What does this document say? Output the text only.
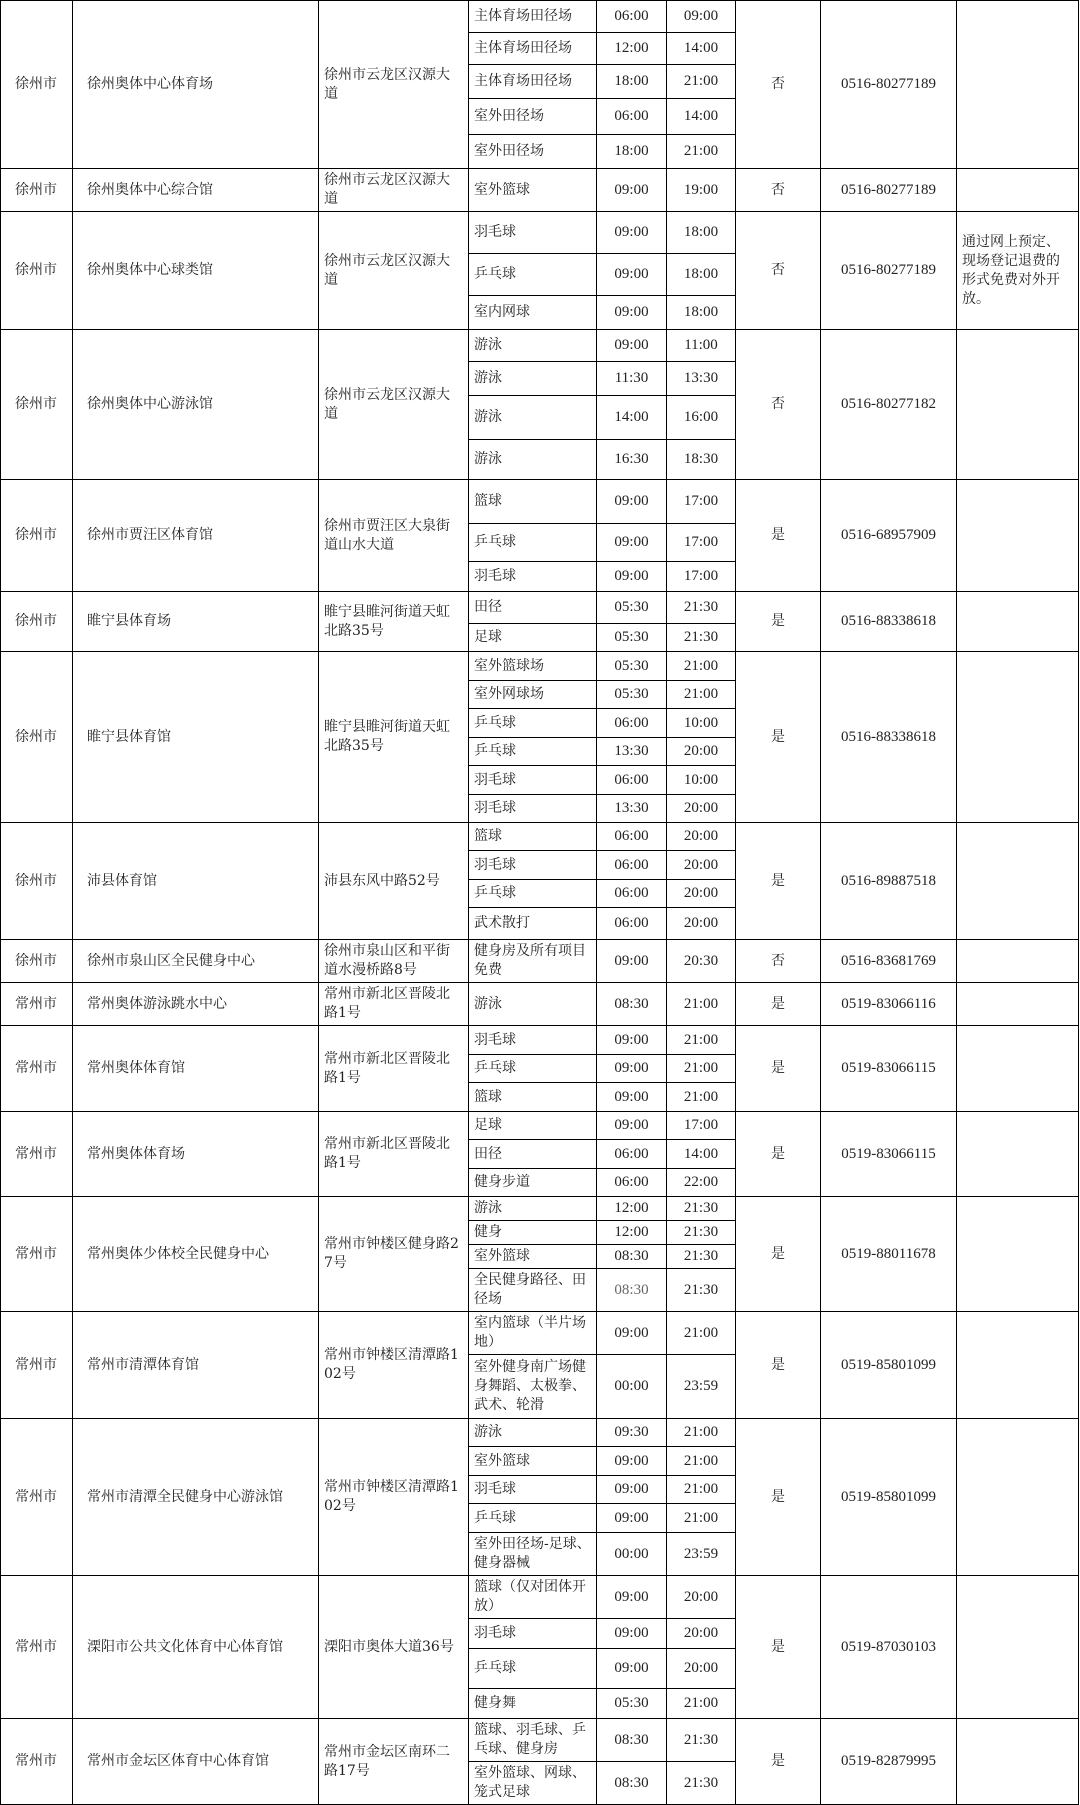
徐州市	徐州奥体中心体育场	徐州市云龙区汉源大道	主体育场田径场	06:00	09:00	否	0516-80277189	
			主体育场田径场	12:00	14:00			
			主体育场田径场	18:00	21:00			
			室外田径场	06:00	14:00			
			室外田径场	18:00	21:00			
徐州市	徐州奥体中心综合馆	徐州市云龙区汉源大道	室外篮球	09:00	19:00	否	0516-80277189	
徐州市	徐州奥体中心球类馆	徐州市云龙区汉源大道	羽毛球	09:00	18:00	否	0516-80277189	通过网上预定、现场登记退费的形式免费对外开放。
			乒乓球	09:00	18:00			
			室内网球	09:00	18:00			
徐州市	徐州奥体中心游泳馆	徐州市云龙区汉源大道	游泳	09:00	11:00	否	0516-80277182	
			游泳	11:30	13:30			
			游泳	14:00	16:00			
			游泳	16:30	18:30			
徐州市	徐州市贾汪区体育馆	徐州市贾汪区大泉街道山水大道	篮球	09:00	17:00	是	0516-68957909	
			乒乓球	09:00	17:00			
			羽毛球	09:00	17:00			
徐州市	睢宁县体育场	睢宁县睢河街道天虹北路35号	田径	05:30	21:30	是	0516-88338618	
			足球	05:30	21:30			
徐州市	睢宁县体育馆	睢宁县睢河街道天虹北路35号	室外篮球场	05:30	21:00	是	0516-88338618	
			室外网球场	05:30	21:00			
			乒乓球	06:00	10:00			
			乒乓球	13:30	20:00			
			羽毛球	06:00	10:00			
			羽毛球	13:30	20:00			
徐州市	沛县体育馆	沛县东风中路52号	篮球	06:00	20:00	是	0516-89887518	
			羽毛球	06:00	20:00			
			乒乓球	06:00	20:00			
			武术散打	06:00	20:00			
徐州市	徐州市泉山区全民健身中心	徐州市泉山区和平街道水漫桥路8号	健身房及所有项目免费	09:00	20:30	否	0516-83681769	
常州市	常州奥体游泳跳水中心	常州市新北区晋陵北路1号	游泳	08:30	21:00	是	0519-83066116	
常州市	常州奥体体育馆	常州市新北区晋陵北路1号	羽毛球	09:00	21:00	是	0519-83066115	
			乒乓球	09:00	21:00			
			篮球	09:00	21:00			
常州市	常州奥体体育场	常州市新北区晋陵北路1号	足球	09:00	17:00	是	0519-83066115	
			田径	06:00	14:00			
			健身步道	06:00	22:00			
常州市	常州奥体少体校全民健身中心	常州市钟楼区健身路27号	游泳	12:00	21:30	是	0519-88011678	
			健身	12:00	21:30			
			室外篮球	08:30	21:30			
			全民健身路径、田径场	08:30	21:30			
常州市	常州市清潭体育馆	常州市钟楼区清潭路102号	室内篮球（半片场地）	09:00	21:00	是	0519-85801099	
			室外健身南广场健身舞蹈、太极拳、武术、轮滑	00:00	23:59			
常州市	常州市清潭全民健身中心游泳馆	常州市钟楼区清潭路102号	游泳	09:30	21:00	是	0519-85801099	
			室外篮球	09:00	21:00			
			羽毛球	09:00	21:00			
			乒乓球	09:00	21:00			
			室外田径场-足球、健身器械	00:00	23:59			
常州市	溧阳市公共文化体育中心体育馆	溧阳市奥体大道36号	篮球（仅对团体开放）	09:00	20:00	是	0519-87030103	
			羽毛球	09:00	20:00			
			乒乓球	09:00	20:00			
			健身舞	05:30	21:00			
常州市	常州市金坛区体育中心体育馆	常州市金坛区南环二路17号	篮球、羽毛球、乒乓球、健身房	08:30	21:30	是	0519-82879995	
			室外篮球、网球、笼式足球	08:30	21:30			
